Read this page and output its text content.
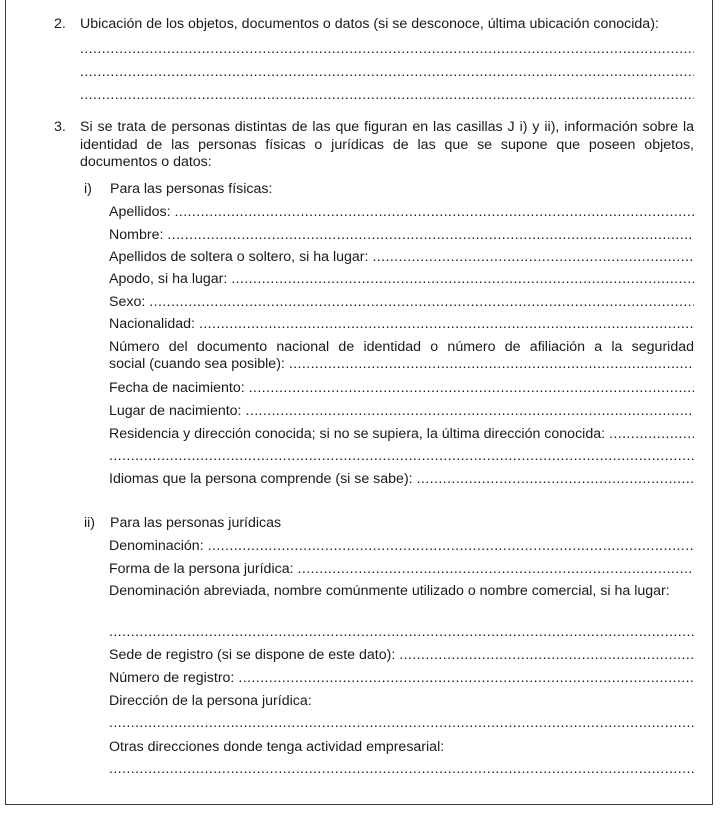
2. Ubicación de los objetos, documentos o datos (si se desconoce, última ubicación conocida):
.....
.....
.....
3. Si se trata de personas distintas de las que figuran en las casillas J i) y ii), información sobre la identidad de las personas físicas o jurídicas de las que se supone que poseen objetos, documentos o datos:
i) Para las personas físicas:
Apellidos:
.....
Nombre:
.....
Apellidos de soltera o soltero, si ha lugar:
.....
Apodo, si ha lugar:
.....
Sexo:
.....
Nacionalidad:
.....
Número del documento nacional de identidad o número de afiliación a la seguridad
social (cuando sea posible):
.....
Fecha de nacimiento:
.....
Lugar de nacimiento:
.....
Residencia y dirección conocida; si no se supiera, la última dirección conocida:
.....
.....
Idiomas que la persona comprende (si se sabe):
.....
ii) Para las personas jurídicas
Denominación:
.....
Forma de la persona jurídica:
.....
Denominación abreviada, nombre comúnmente utilizado o nombre comercial, si ha lugar:
.....
Sede de registro (si se dispone de este dato):
.....
Número de registro:
.....
Dirección de la persona jurídica:
.....
Otras direcciones donde tenga actividad empresarial:
.....
